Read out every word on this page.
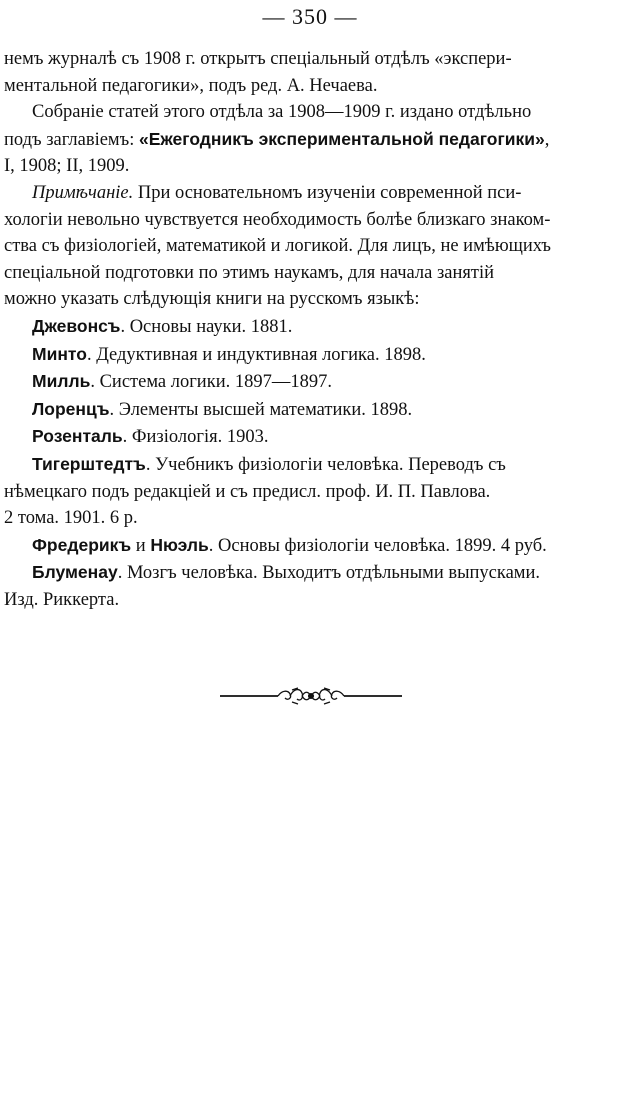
— 350 —

немъ журналѣ съ 1908 г. открытъ спеціальный отдѣлъ «экспери-
ментальной педагогики», подъ ред. А. Нечаева.

Собраніе статей этого отдѣла за 1908—1909 г. издано отдѣльно
подъ заглавіемъ: «Ежегодникъ экспериментальной педагогики»,
I, 1908; II, 1909.

Примѣчаніе. При основательномъ изученіи современной пси-
хологіи невольно чувствуется необходимость болѣе близкаго знаком-
ства съ физіологіей, математикой и логикой. Для лицъ, не имѣющихъ
спеціальной подготовки по этимъ наукамъ, для начала занятій
можно указать слѣдующія книги на русскомъ языкѣ:

Джевонсъ. Основы науки. 1881.

Минто. Дедуктивная и индуктивная логика. 1898.

Милль. Система логики. 1897—1897.

Лоренцъ. Элементы высшей математики. 1898.

Розенталь. Физіологія. 1903.

Тигерштедтъ. Учебникъ физіологіи человѣка. Переводъ съ
нѣмецкаго подъ редакціей и съ предисл. проф. И. П. Павлова.
2 тома. 1901. 6 р.

Фредерикъ и Нюэль. Основы физіологіи человѣка. 1899. 4 руб.

Блуменау. Мозгъ человѣка. Выходитъ отдѣльными выпусками.
Изд. Риккерта.
